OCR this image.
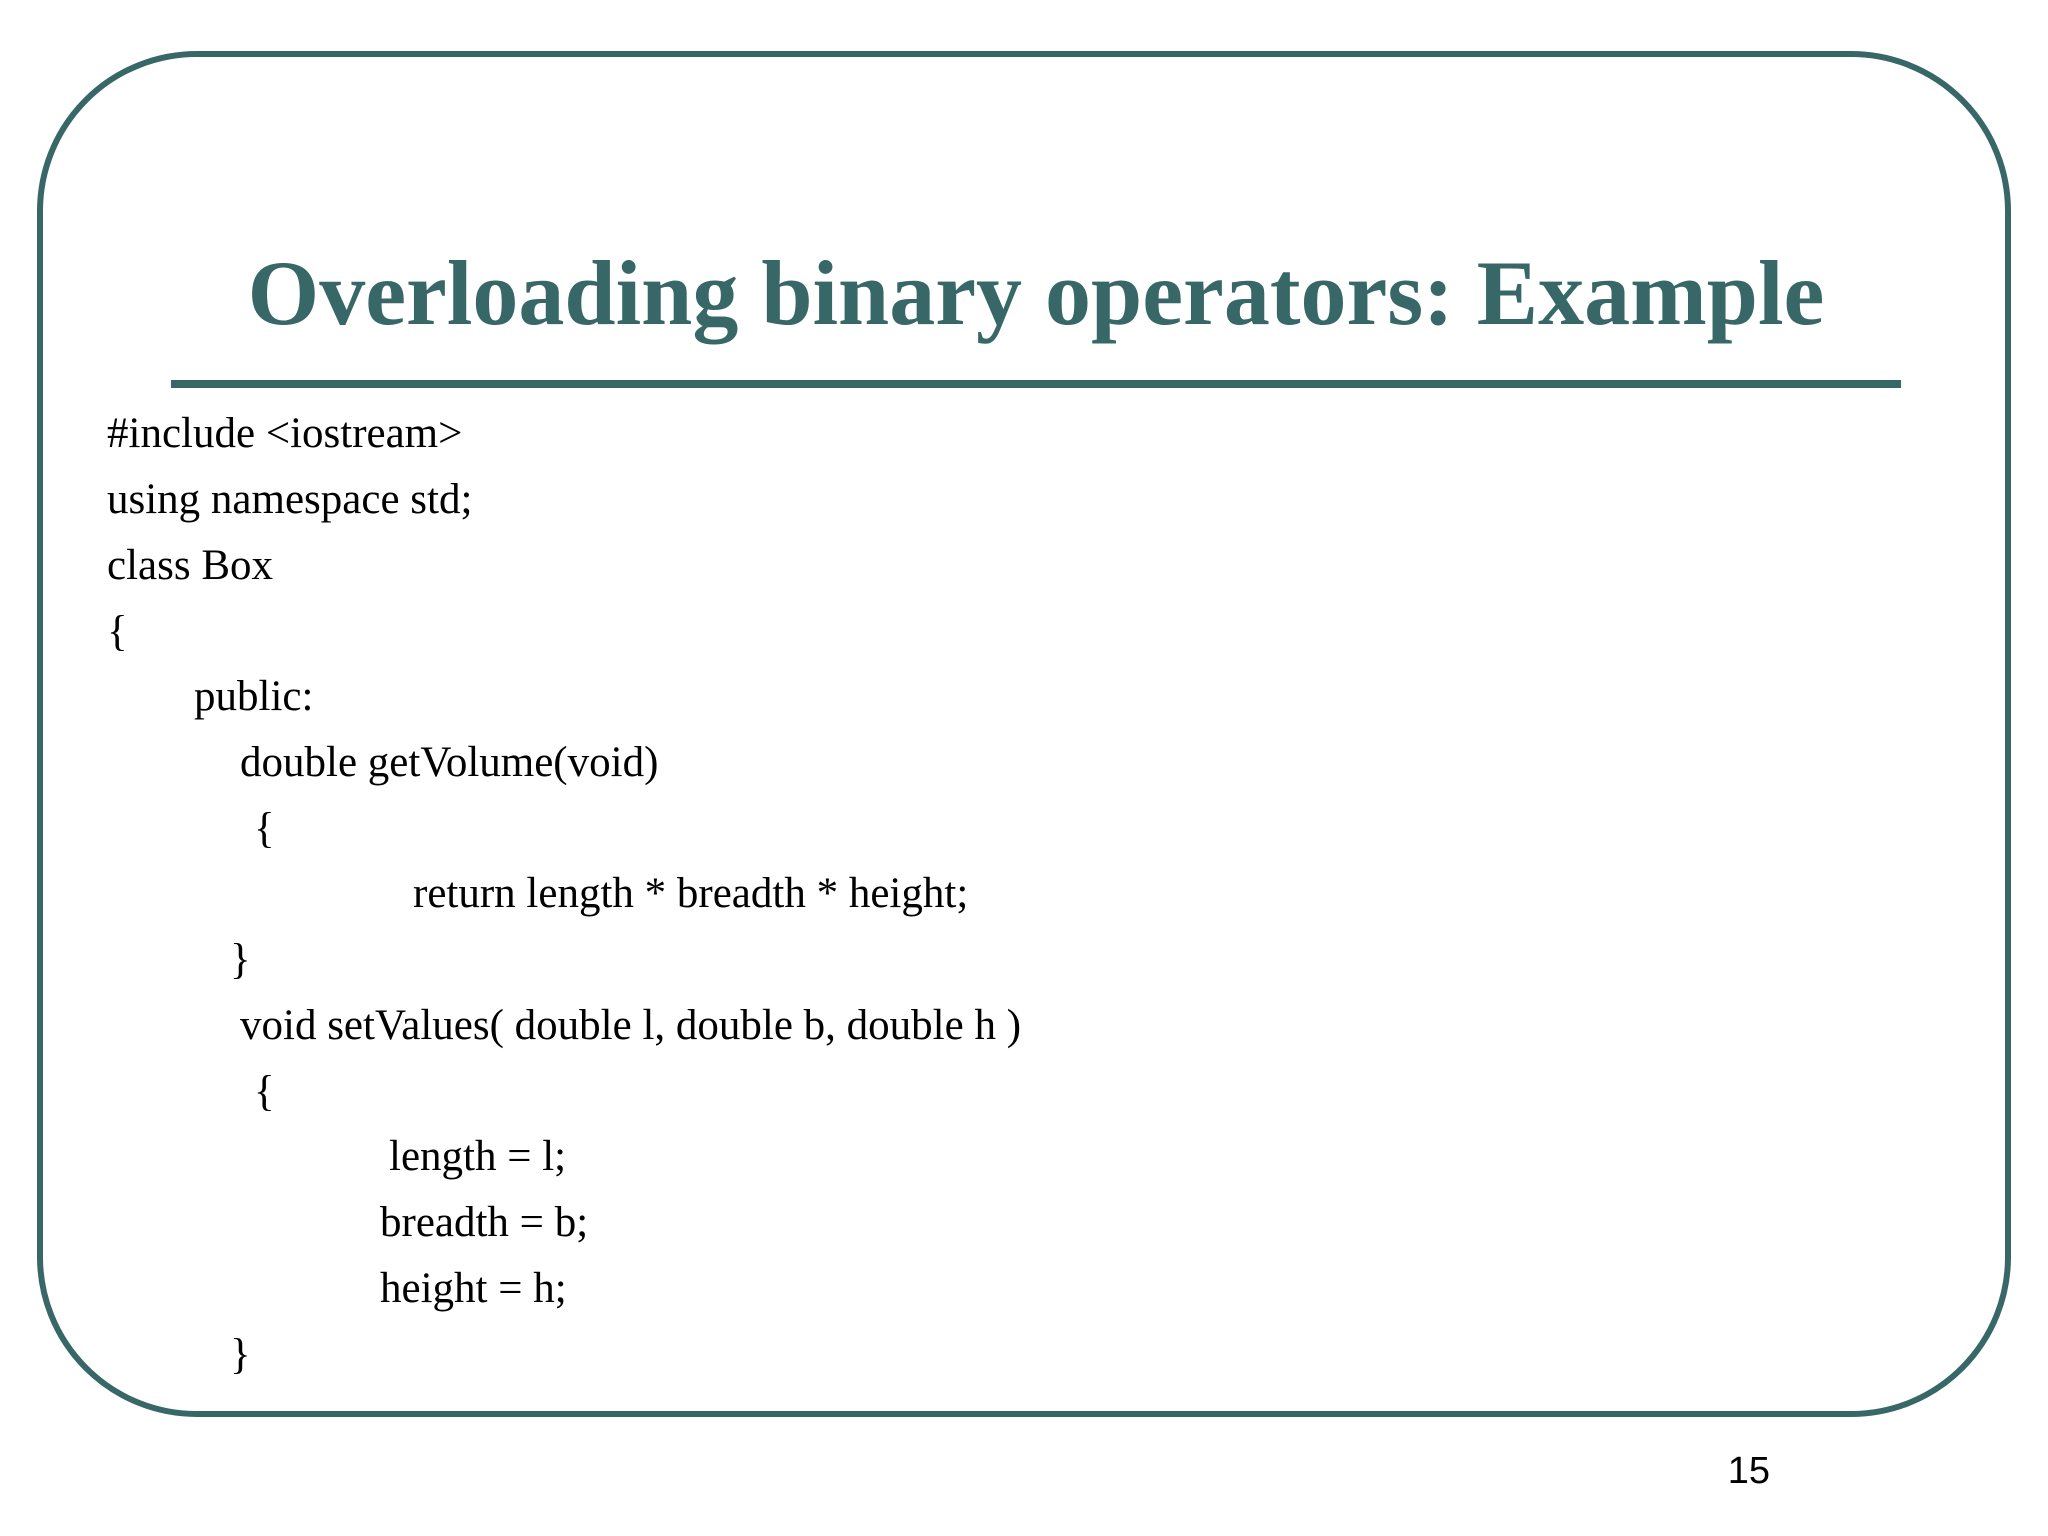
Overloading binary operators: Example
#include <iostream>
using namespace std;
class Box
{
public:
double getVolume(void)
{
return length * breadth * height;
}
void setValues( double l, double b, double h )
{
length = l;
breadth = b;
height = h;
}
15
